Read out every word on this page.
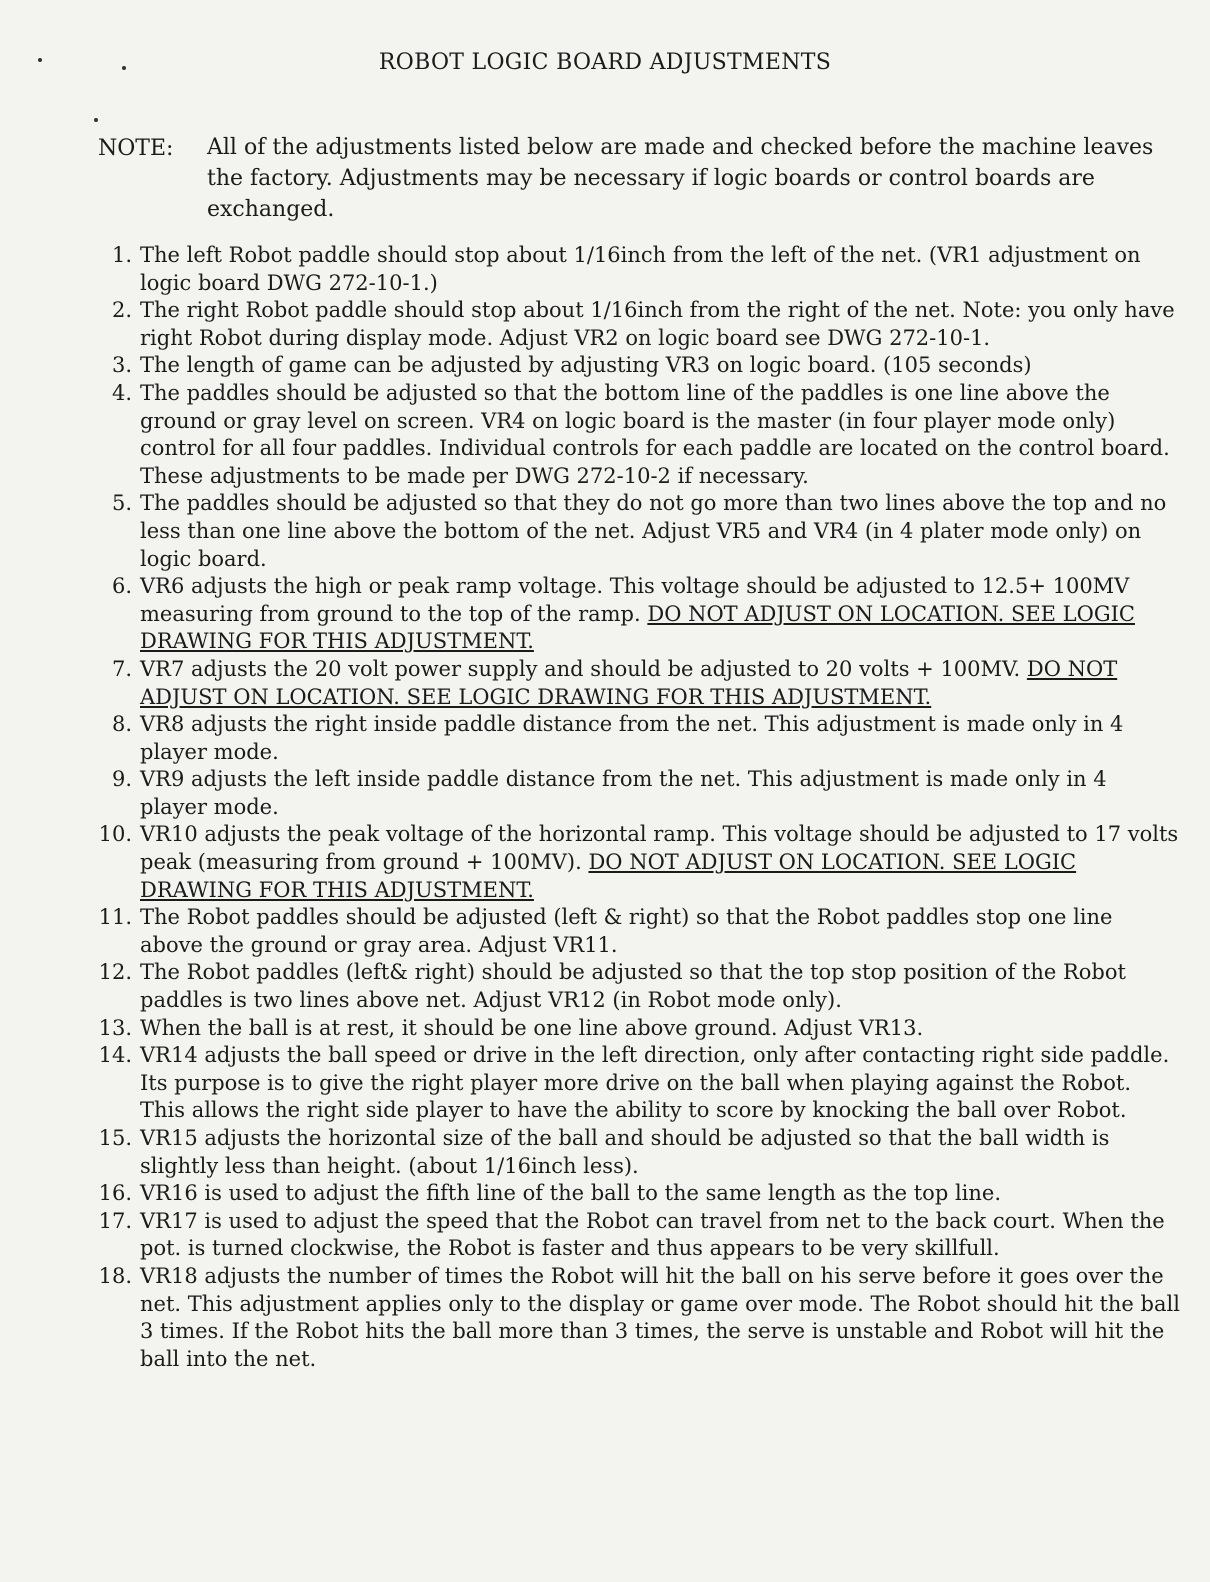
ROBOT LOGIC BOARD ADJUSTMENTS
NOTE: All of the adjustments listed below are made and checked before the machine leaves the factory. Adjustments may be necessary if logic boards or control boards are exchanged.
1. The left Robot paddle should stop about 1/16inch from the left of the net. (VR1 adjustment on logic board DWG 272-10-1.)
2. The right Robot paddle should stop about 1/16inch from the right of the net. Note: you only have right Robot during display mode. Adjust VR2 on logic board see DWG 272-10-1.
3. The length of game can be adjusted by adjusting VR3 on logic board. (105 seconds)
4. The paddles should be adjusted so that the bottom line of the paddles is one line above the ground or gray level on screen. VR4 on logic board is the master (in four player mode only) control for all four paddles. Individual controls for each paddle are located on the control board. These adjustments to be made per DWG 272-10-2 if necessary.
5. The paddles should be adjusted so that they do not go more than two lines above the top and no less than one line above the bottom of the net. Adjust VR5 and VR4 (in 4 plater mode only) on logic board.
6. VR6 adjusts the high or peak ramp voltage. This voltage should be adjusted to 12.5+ 100MV measuring from ground to the top of the ramp. DO NOT ADJUST ON LOCATION. SEE LOGIC DRAWING FOR THIS ADJUSTMENT.
7. VR7 adjusts the 20 volt power supply and should be adjusted to 20 volts + 100MV. DO NOT ADJUST ON LOCATION. SEE LOGIC DRAWING FOR THIS ADJUSTMENT.
8. VR8 adjusts the right inside paddle distance from the net. This adjustment is made only in 4 player mode.
9. VR9 adjusts the left inside paddle distance from the net. This adjustment is made only in 4 player mode.
10. VR10 adjusts the peak voltage of the horizontal ramp. This voltage should be adjusted to 17 volts peak (measuring from ground + 100MV). DO NOT ADJUST ON LOCATION. SEE LOGIC DRAWING FOR THIS ADJUSTMENT.
11. The Robot paddles should be adjusted (left & right) so that the Robot paddles stop one line above the ground or gray area. Adjust VR11.
12. The Robot paddles (left& right) should be adjusted so that the top stop position of the Robot paddles is two lines above net. Adjust VR12 (in Robot mode only).
13. When the ball is at rest, it should be one line above ground. Adjust VR13.
14. VR14 adjusts the ball speed or drive in the left direction, only after contacting right side paddle. Its purpose is to give the right player more drive on the ball when playing against the Robot. This allows the right side player to have the ability to score by knocking the ball over Robot.
15. VR15 adjusts the horizontal size of the ball and should be adjusted so that the ball width is slightly less than height. (about 1/16inch less).
16. VR16 is used to adjust the fifth line of the ball to the same length as the top line.
17. VR17 is used to adjust the speed that the Robot can travel from net to the back court. When the pot. is turned clockwise, the Robot is faster and thus appears to be very skillfull.
18. VR18 adjusts the number of times the Robot will hit the ball on his serve before it goes over the net. This adjustment applies only to the display or game over mode. The Robot should hit the ball 3 times. If the Robot hits the ball more than 3 times, the serve is unstable and Robot will hit the ball into the net.
